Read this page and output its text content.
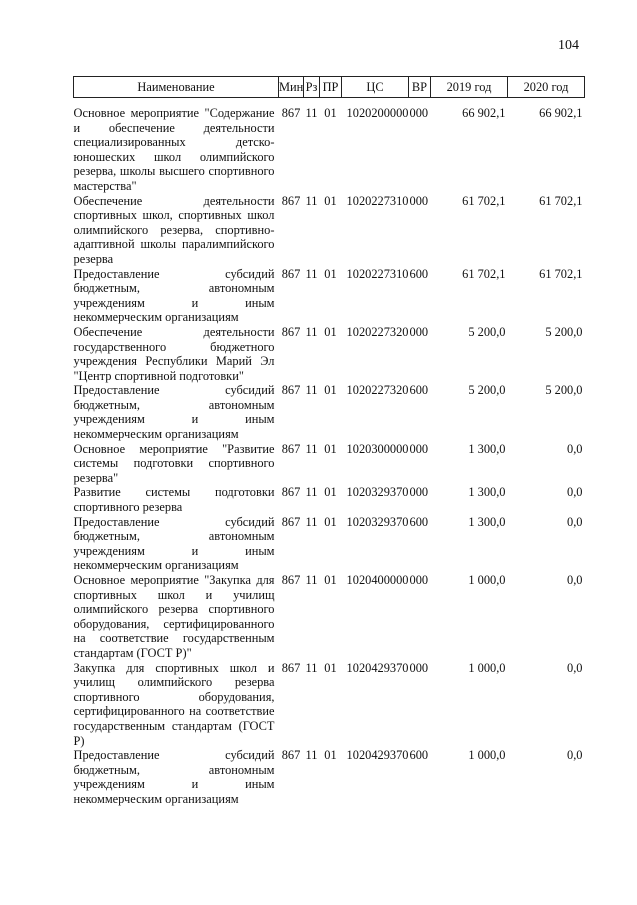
104
Наименование	Мин	Рз	ПР	ЦС	ВР	2019 год	2020 год
Основное мероприятие "Содержание и обеспечение деятельности специализированных детско-юношеских школ олимпийского резерва, школы высшего спортивного мастерства"	867	11	01	1020200000	000	66 902,1	66 902,1
Обеспечение деятельности спортивных школ, спортивных школ олимпийского резерва, спортивно-адаптивной школы паралимпийского резерва	867	11	01	1020227310	000	61 702,1	61 702,1
Предоставление субсидий бюджетным, автономным учреждениям и иным некоммерческим организациям	867	11	01	1020227310	600	61 702,1	61 702,1
Обеспечение деятельности государственного бюджетного учреждения Республики Марий Эл "Центр спортивной подготовки"	867	11	01	1020227320	000	5 200,0	5 200,0
Предоставление субсидий бюджетным, автономным учреждениям и иным некоммерческим организациям	867	11	01	1020227320	600	5 200,0	5 200,0
Основное мероприятие "Развитие системы подготовки спортивного резерва"	867	11	01	1020300000	000	1 300,0	0,0
Развитие системы подготовки спортивного резерва	867	11	01	1020329370	000	1 300,0	0,0
Предоставление субсидий бюджетным, автономным учреждениям и иным некоммерческим организациям	867	11	01	1020329370	600	1 300,0	0,0
Основное мероприятие "Закупка для спортивных школ и училищ олимпийского резерва спортивного оборудования, сертифицированного на соответствие государственным стандартам (ГОСТ Р)"	867	11	01	1020400000	000	1 000,0	0,0
Закупка для спортивных школ и училищ олимпийского резерва спортивного оборудования, сертифицированного на соответствие государственным стандартам (ГОСТ Р)	867	11	01	1020429370	000	1 000,0	0,0
Предоставление субсидий бюджетным, автономным учреждениям и иным некоммерческим организациям	867	11	01	1020429370	600	1 000,0	0,0
